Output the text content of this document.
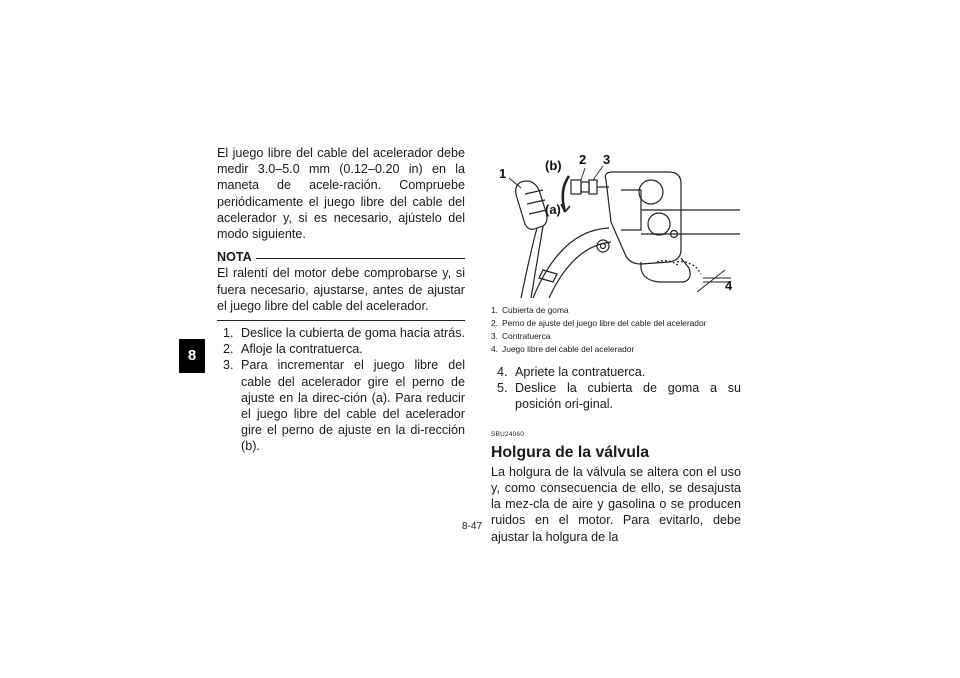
8

El juego libre del cable del acelerador debe medir 3.0–5.0 mm (0.12–0.20 in) en la maneta de acele-ración. Compruebe periódicamente el juego libre del cable del acelerador y, si es necesario, ajústelo del modo siguiente.

NOTA

El ralentí del motor debe comprobarse y, si fuera necesario, ajustarse, antes de ajustar el juego libre del cable del acelerador.

1. Deslice la cubierta de goma hacia atrás.
2. Afloje la contratuerca.
3. Para incrementar el juego libre del cable del acelerador gire el perno de ajuste en la direc-ción (a). Para reducir el juego libre del cable del acelerador gire el perno de ajuste en la di-rección (b).
1
(b) 2 3
(a)
4
1. Cubierta de goma
2. Perno de ajuste del juego libre del cable del acelerador
3. Contratuerca
4. Juego libre del cable del acelerador
4. Apriete la contratuerca.
5. Deslice la cubierta de goma a su posición ori-ginal.
SBU24060
Holgura de la válvula

La holgura de la válvula se altera con el uso y, como consecuencia de ello, se desajusta la mez-cla de aire y gasolina o se producen ruidos en el motor. Para evitarlo, debe ajustar la holgura de la

8-47
